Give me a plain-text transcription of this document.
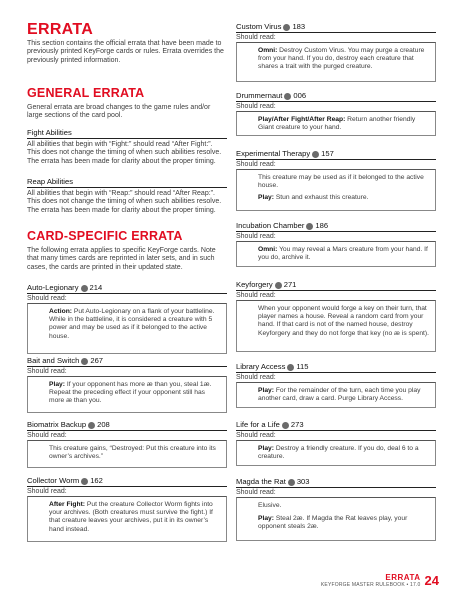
ERRATA
This section contains the official errata that have been made to previously printed KeyForge cards or rules. Errata overrides the previously printed information.
GENERAL ERRATA
General errata are broad changes to the game rules and/or large sections of the card pool.
Fight Abilities
All abilities that begin with “Fight:” should read “After Fight:”. This does not change the timing of when such abilities resolve. The errata has been made for clarity about the proper timing.
Reap Abilities
All abilities that begin with “Reap:” should read “After Reap:”. This does not change the timing of when such abilities resolve. The errata has been made for clarity about the proper timing.
CARD-SPECIFIC ERRATA
The following errata applies to specific KeyForge cards. Note that many times cards are reprinted in later sets, and in such cases, the cards are printed in their updated state.
Auto-Legionary 214
Should read:
Action: Put Auto-Legionary on a flank of your battleline. While in the battleline, it is considered a creature with 5 power and may be used as if it belonged to the active house.
Bait and Switch 267
Should read:
Play: If your opponent has more æ than you, steal 1æ. Repeat the preceding effect if your opponent still has more æ than you.
Biomatrix Backup 208
Should read:
This creature gains, “Destroyed: Put this creature into its owner’s archives.”
Collector Worm 162
Should read:
After Fight: Put the creature Collector Worm fights into your archives. (Both creatures must survive the fight.) If that creature leaves your archives, put it in its owner’s hand instead.
Custom Virus 183
Should read:
Omni: Destroy Custom Virus. You may purge a creature from your hand. If you do, destroy each creature that shares a trait with the purged creature.
Drummernaut 006
Should read:
Play/After Fight/After Reap: Return another friendly Giant creature to your hand.
Experimental Therapy 157
Should read:
This creature may be used as if it belonged to the active house.
Play: Stun and exhaust this creature.
Incubation Chamber 186
Should read:
Omni: You may reveal a Mars creature from your hand. If you do, archive it.
Keyforgery 271
Should read:
When your opponent would forge a key on their turn, that player names a house. Reveal a random card from your hand. If that card is not of the named house, destroy Keyforgery and they do not forge that key (no æ is spent).
Library Access 115
Should read:
Play: For the remainder of the turn, each time you play another card, draw a card. Purge Library Access.
Life for a Life 273
Should read:
Play: Destroy a friendly creature. If you do, deal 6 to a creature.
Magda the Rat 303
Should read:
Elusive.
Play: Steal 2æ. If Magda the Rat leaves play, your opponent steals 2æ.
ERRATA
KEYFORGE MASTER RULEBOOK • 17.0 24
